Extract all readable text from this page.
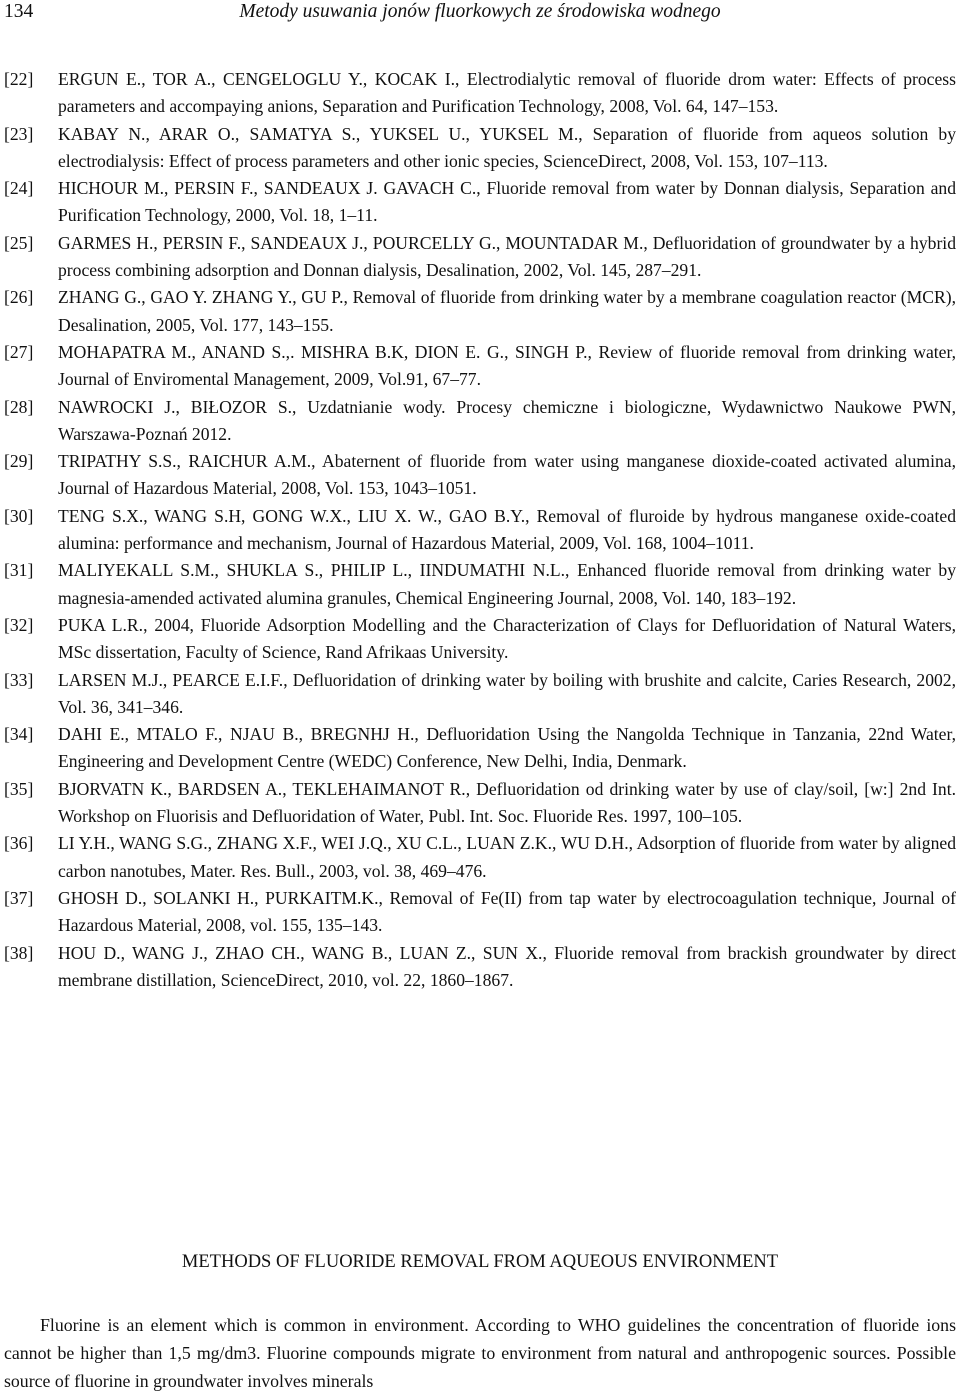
134	Metody usuwania jonów fluorkowych ze środowiska wodnego
[22]	ERGUN E., TOR A., CENGELOGLU Y., KOCAK I., Electrodialytic removal of fluoride drom water: Effects of process parameters and accompaying anions, Separation and Purification Technology, 2008, Vol. 64, 147–153.
[23]	KABAY N., ARAR O., SAMATYA S., YUKSEL U., YUKSEL M., Separation of fluoride from aqueos solution by electrodialysis: Effect of process parameters and other ionic species, ScienceDirect, 2008, Vol. 153, 107–113.
[24]	HICHOUR M., PERSIN F., SANDEAUX J. GAVACH C., Fluoride removal from water by Donnan dialysis, Separation and Purification Technology, 2000, Vol. 18, 1–11.
[25]	GARMES H., PERSIN F., SANDEAUX J., POURCELLY G., MOUNTADAR M., Defluoridation of groundwater by a hybrid process combining adsorption and Donnan dialysis, Desalination, 2002, Vol. 145, 287–291.
[26]	ZHANG G., GAO Y. ZHANG Y., GU P., Removal of fluoride from drinking water by a membrane coagulation reactor (MCR), Desalination, 2005, Vol. 177, 143–155.
[27]	MOHAPATRA M., ANAND S.,. MISHRA B.K, DION E. G., SINGH P., Review of fluoride removal from drinking water, Journal of Enviromental Management, 2009, Vol.91, 67–77.
[28]	NAWROCKI J., BIŁOZOR S., Uzdatnianie wody. Procesy chemiczne i biologiczne, Wydawnictwo Naukowe PWN, Warszawa-Poznań 2012.
[29]	TRIPATHY S.S., RAICHUR A.M., Abaternent of fluoride from water using manganese dioxide-coated activated alumina, Journal of Hazardous Material, 2008, Vol. 153, 1043–1051.
[30]	TENG S.X., WANG S.H, GONG W.X., LIU X. W., GAO B.Y., Removal of fluroide by hydrous manganese oxide-coated alumina: performance and mechanism, Journal of Hazardous Material, 2009, Vol. 168, 1004–1011.
[31]	MALIYEKALL S.M., SHUKLA S., PHILIP L., IINDUMATHI N.L., Enhanced fluoride removal from drinking water by magnesia-amended activated alumina granules, Chemical Engineering Journal, 2008, Vol. 140, 183–192.
[32]	PUKA L.R., 2004, Fluoride Adsorption Modelling and the Characterization of Clays for Defluoridation of Natural Waters, MSc dissertation, Faculty of Science, Rand Afrikaas University.
[33]	LARSEN M.J., PEARCE E.I.F., Defluoridation of drinking water by boiling with brushite and calcite, Caries Research, 2002, Vol. 36, 341–346.
[34]	DAHI E., MTALO F., NJAU B., BREGNHJ H., Defluoridation Using the Nangolda Technique in Tanzania, 22nd Water, Engineering and Development Centre (WEDC) Conference, New Delhi, India, Denmark.
[35]	BJORVATN K., BARDSEN A., TEKLEHAIMANOT R., Defluoridation od drinking water by use of clay/soil, [w:] 2nd Int. Workshop on Fluorisis and Defluoridation of Water, Publ. Int. Soc. Fluoride Res. 1997, 100–105.
[36]	LI Y.H., WANG S.G., ZHANG X.F., WEI J.Q., XU C.L., LUAN Z.K., WU D.H., Adsorption of fluoride from water by aligned carbon nanotubes, Mater. Res. Bull., 2003, vol. 38, 469–476.
[37]	GHOSH D., SOLANKI H., PURKAITM.K., Removal of Fe(II) from tap water by electrocoagulation technique, Journal of Hazardous Material, 2008, vol. 155, 135–143.
[38]	HOU D., WANG J., ZHAO CH., WANG B., LUAN Z., SUN X., Fluoride removal from brackish groundwater by direct membrane distillation, ScienceDirect, 2010, vol. 22, 1860–1867.
METHODS OF FLUORIDE REMOVAL FROM AQUEOUS ENVIRONMENT
Fluorine is an element which is common in environment. According to WHO guidelines the concentration of fluoride ions cannot be higher than 1,5 mg/dm3. Fluorine compounds migrate to environment from natural and anthropogenic sources. Possible source of fluorine in groundwater involves minerals
